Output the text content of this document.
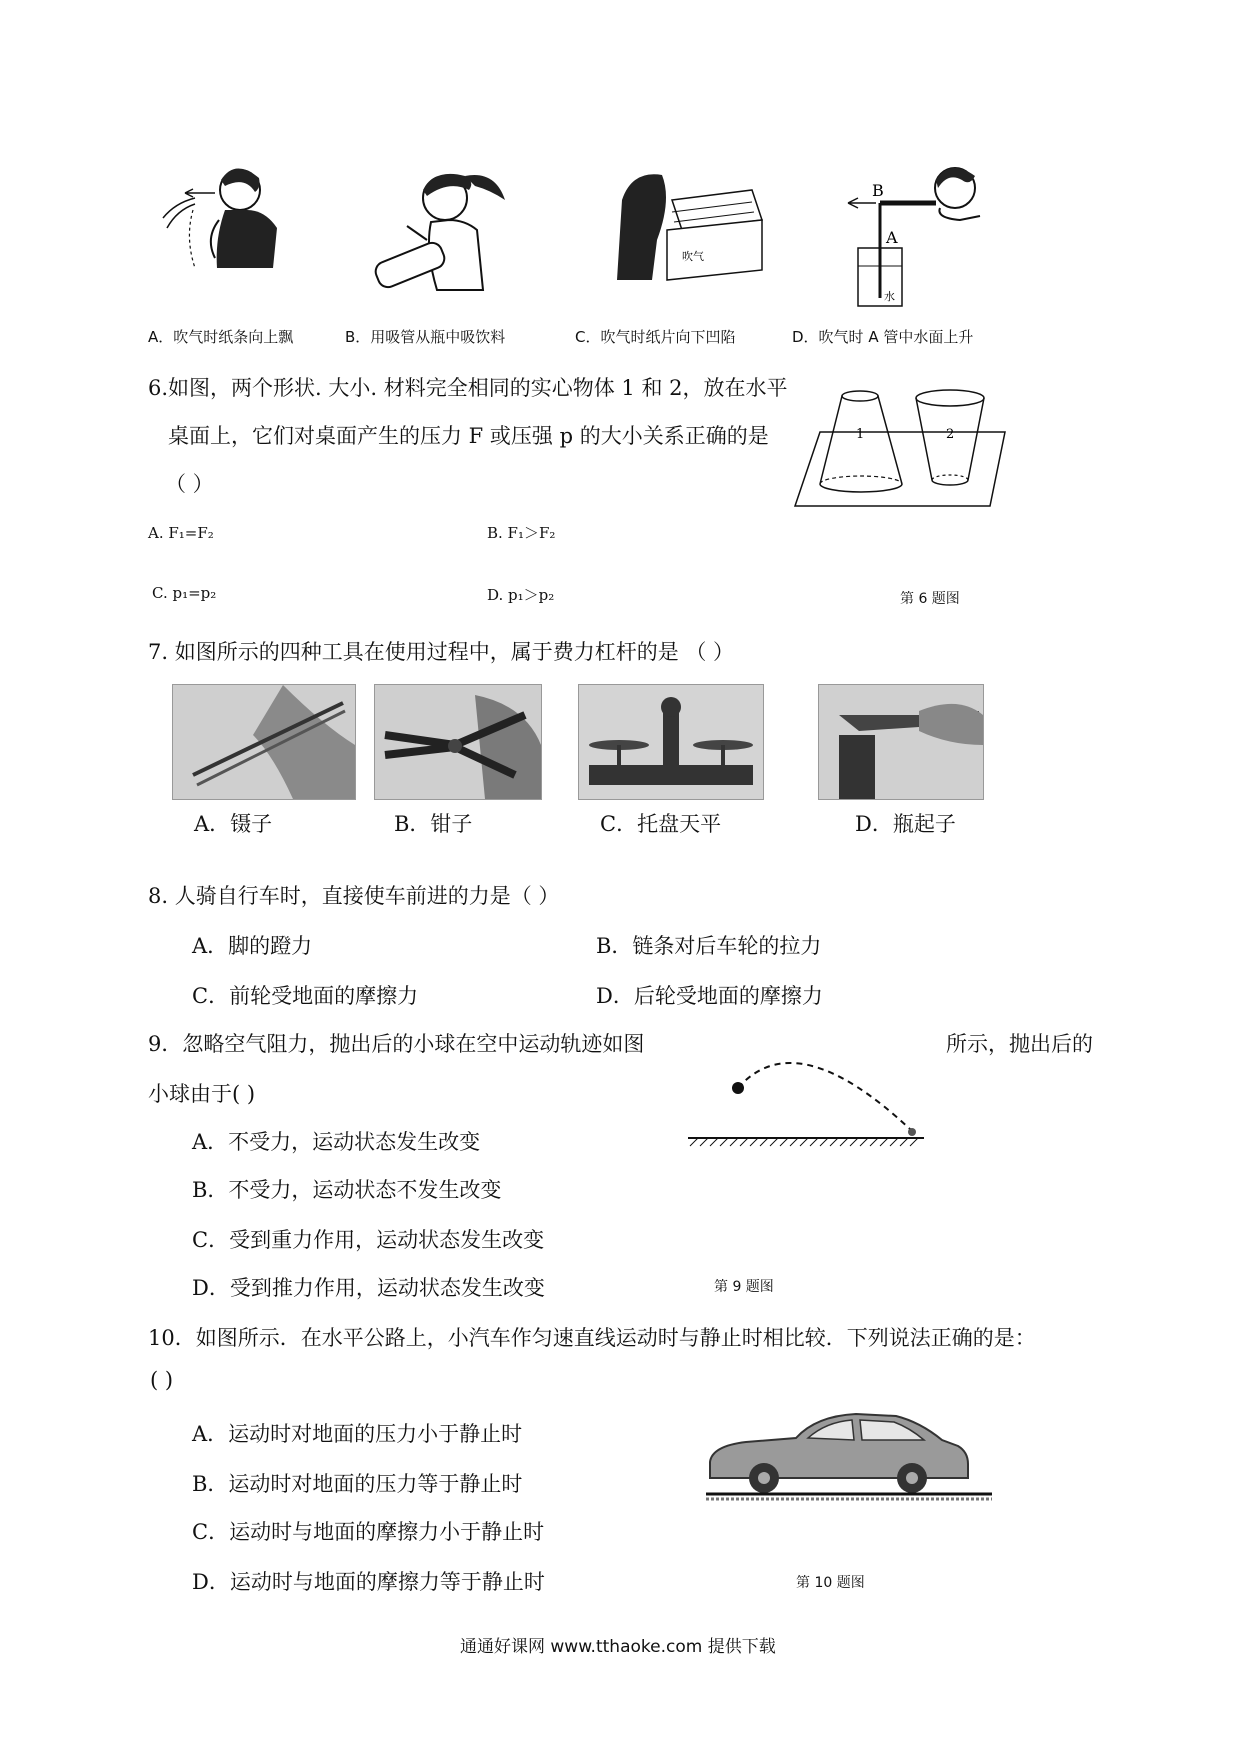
吹气
B
A
水
A．吹气时纸条向上飘	B．用吸管从瓶中吸饮料	C．吹气时纸片向下凹陷	D．吹气时 A 管中水面上升
6.如图，两个形状. 大小. 材料完全相同的实心物体 1 和 2，放在水平
桌面上，它们对桌面产生的压力 F 或压强 p 的大小关系正确的是
（ ）
A. F₁=F₂	B. F₁＞F₂
C. p₁=p₂	D. p₁＞p₂
1	2
第 6 题图
7. 如图所示的四种工具在使用过程中，属于费力杠杆的是 （ ）
A．镊子	B．钳子	C．托盘天平	D．瓶起子
8. 人骑自行车时，直接使车前进的力是（ ）
A．脚的蹬力	B．链条对后车轮的拉力
C．前轮受地面的摩擦力	D．后轮受地面的摩擦力
9．忽略空气阻力，抛出后的小球在空中运动轨迹如图	所示，抛出后的
小球由于( )
A．不受力，运动状态发生改变
B．不受力，运动状态不发生改变
C．受到重力作用，运动状态发生改变
D．受到推力作用，运动状态发生改变	第 9 题图
10．如图所示．在水平公路上，小汽车作匀速直线运动时与静止时相比较．下列说法正确的是：
( )
A．运动时对地面的压力小于静止时
B．运动时对地面的压力等于静止时
C．运动时与地面的摩擦力小于静止时
D．运动时与地面的摩擦力等于静止时	第 10 题图
通通好课网 www.tthaoke.com 提供下载
